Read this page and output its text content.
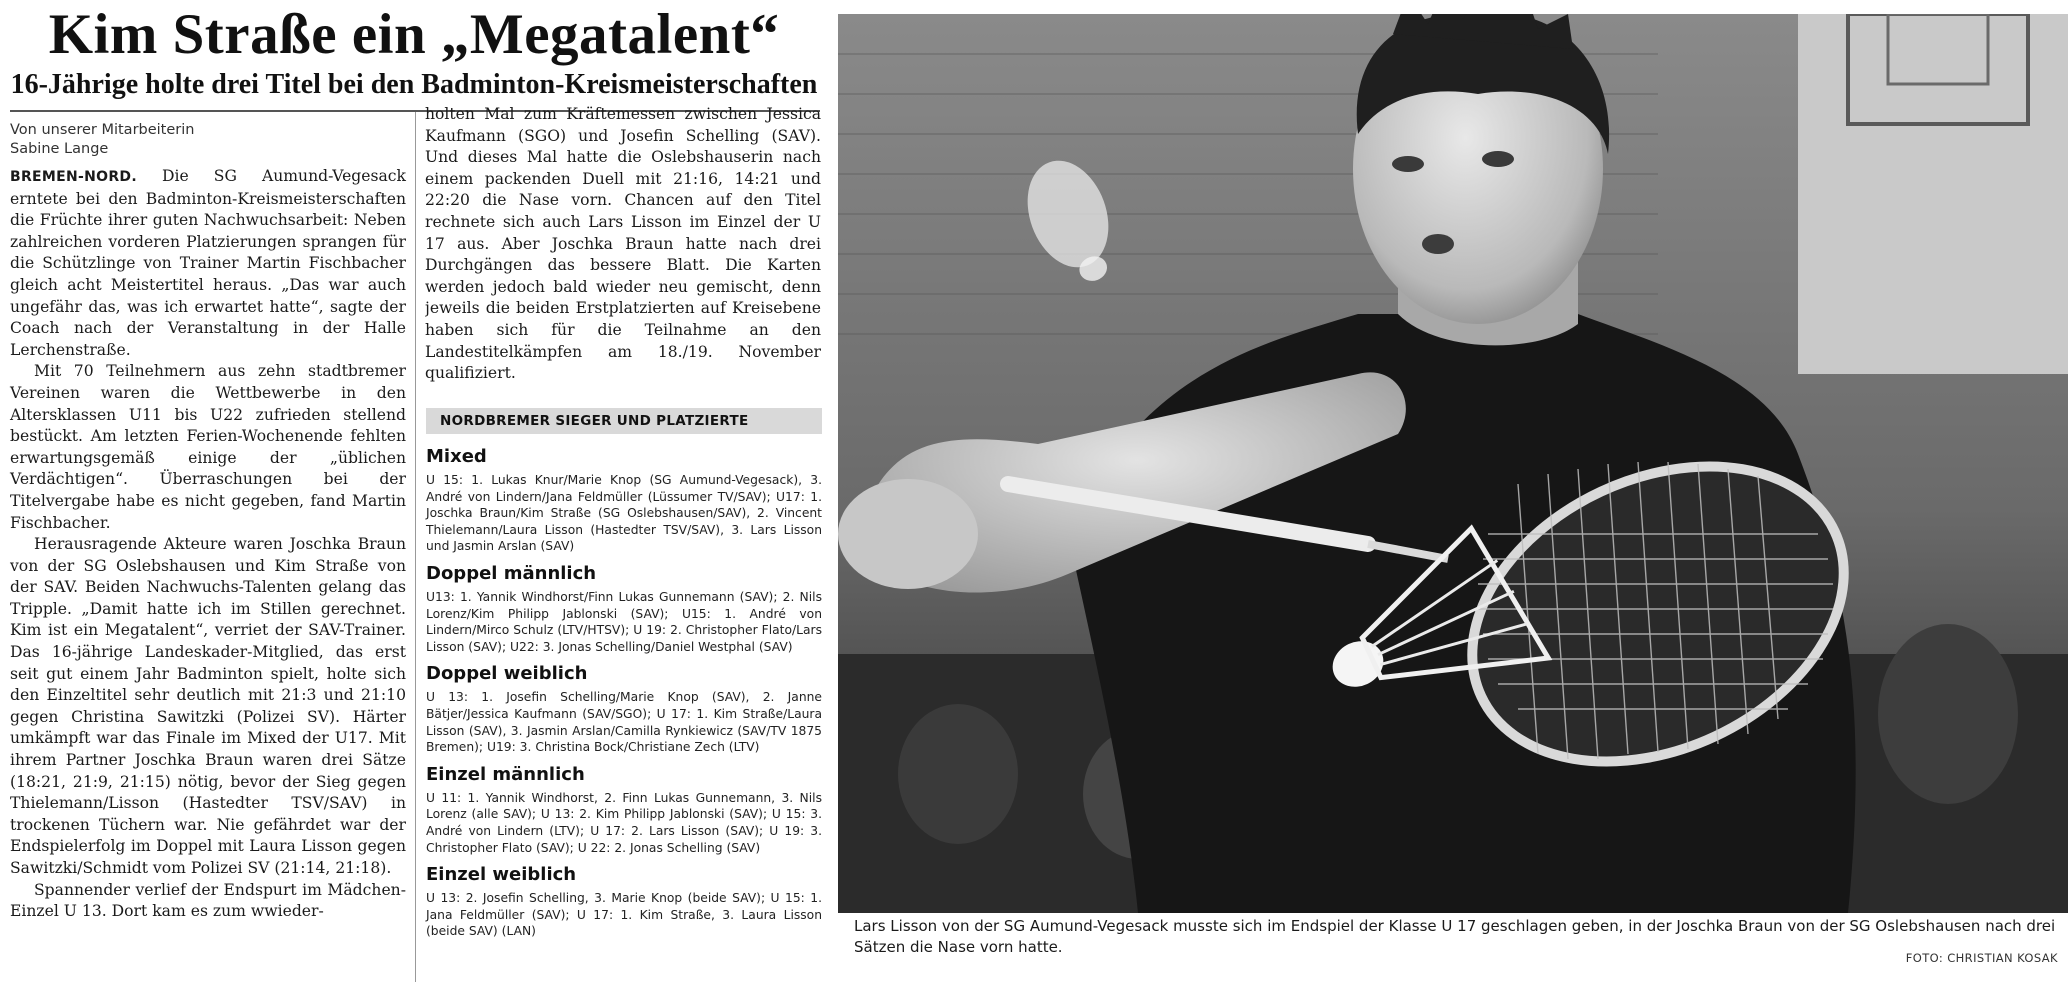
Kim Straße ein „Megatalent“
16-Jährige holte drei Titel bei den Badminton-Kreismeisterschaften
Von unserer Mitarbeiterin
Sabine Lange

BREMEN-NORD. Die SG Aumund-Vegesack erntete bei den Badminton-Kreismeisterschaften die Früchte ihrer guten Nachwuchsarbeit: Neben zahlreichen vorderen Platzierungen sprangen für die Schützlinge von Trainer Martin Fischbacher gleich acht Meistertitel heraus. „Das war auch ungefähr das, was ich erwartet hatte“, sagte der Coach nach der Veranstaltung in der Halle Lerchenstraße.

Mit 70 Teilnehmern aus zehn stadtbremer Vereinen waren die Wettbewerbe in den Altersklassen U11 bis U22 zufrieden stellend bestückt. Am letzten Ferien-Wochenende fehlten erwartungsgemäß einige der „üblichen Verdächtigen“. Überraschungen bei der Titelvergabe habe es nicht gegeben, fand Martin Fischbacher.

Herausragende Akteure waren Joschka Braun von der SG Oslebshausen und Kim Straße von der SAV. Beiden Nachwuchs-Talenten gelang das Tripple. „Damit hatte ich im Stillen gerechnet. Kim ist ein Megatalent“, verriet der SAV-Trainer. Das 16-jährige Landeskader-Mitglied, das erst seit gut einem Jahr Badminton spielt, holte sich den Einzeltitel sehr deutlich mit 21:3 und 21:10 gegen Christina Sawitzki (Polizei SV). Härter umkämpft war das Finale im Mixed der U17. Mit ihrem Partner Joschka Braun waren drei Sätze (18:21, 21:9, 21:15) nötig, bevor der Sieg gegen Thielemann/Lisson (Hastedter TSV/SAV) in trockenen Tüchern war. Nie gefährdet war der Endspielerfolg im Doppel mit Laura Lisson gegen Sawitzki/Schmidt vom Polizei SV (21:14, 21:18).

Spannender verlief der Endspurt im Mädchen-Einzel U 13. Dort kam es zum wwieder-

holten Mal zum Kräftemessen zwischen Jessica Kaufmann (SGO) und Josefin Schelling (SAV). Und dieses Mal hatte die Oslebshauserin nach einem packenden Duell mit 21:16, 14:21 und 22:20 die Nase vorn. Chancen auf den Titel rechnete sich auch Lars Lisson im Einzel der U 17 aus. Aber Joschka Braun hatte nach drei Durchgängen das bessere Blatt. Die Karten werden jedoch bald wieder neu gemischt, denn jeweils die beiden Erstplatzierten auf Kreisebene haben sich für die Teilnahme an den Landestitelkämpfen am 18./19. November qualifiziert.

NORDBREMER SIEGER UND PLATZIERTE
Mixed
U 15: 1. Lukas Knur/Marie Knop (SG Aumund-Vegesack), 3. André von Lindern/Jana Feldmüller (Lüssumer TV/SAV); U17: 1. Joschka Braun/Kim Straße (SG Oslebshausen/SAV), 2. Vincent Thielemann/Laura Lisson (Hastedter TSV/SAV), 3. Lars Lisson und Jasmin Arslan (SAV)
Doppel männlich
U13: 1. Yannik Windhorst/Finn Lukas Gunnemann (SAV); 2. Nils Lorenz/Kim Philipp Jablonski (SAV); U15: 1. André von Lindern/Mirco Schulz (LTV/HTSV); U 19: 2. Christopher Flato/Lars Lisson (SAV); U22: 3. Jonas Schelling/Daniel Westphal (SAV)
Doppel weiblich
U 13: 1. Josefin Schelling/Marie Knop (SAV), 2. Janne Bätjer/Jessica Kaufmann (SAV/SGO); U 17: 1. Kim Straße/Laura Lisson (SAV), 3. Jasmin Arslan/Camilla Rynkiewicz (SAV/TV 1875 Bremen); U19: 3. Christina Bock/Christiane Zech (LTV)
Einzel männlich
U 11: 1. Yannik Windhorst, 2. Finn Lukas Gunnemann, 3. Nils Lorenz (alle SAV); U 13: 2. Kim Philipp Jablonski (SAV); U 15: 3. André von Lindern (LTV); U 17: 2. Lars Lisson (SAV); U 19: 3. Christopher Flato (SAV); U 22: 2. Jonas Schelling (SAV)
Einzel weiblich
U 13: 2. Josefin Schelling, 3. Marie Knop (beide SAV); U 15: 1. Jana Feldmüller (SAV); U 17: 1. Kim Straße, 3. Laura Lisson (beide SAV) (LAN)	Lars Lisson von der SG Aumund-Vegesack musste sich im Endspiel der Klasse U 17 geschlagen geben, in der Joschka Braun von der SG Oslebshausen nach drei Sätzen die Nase vorn hatte.
FOTO: CHRISTIAN KOSAK
